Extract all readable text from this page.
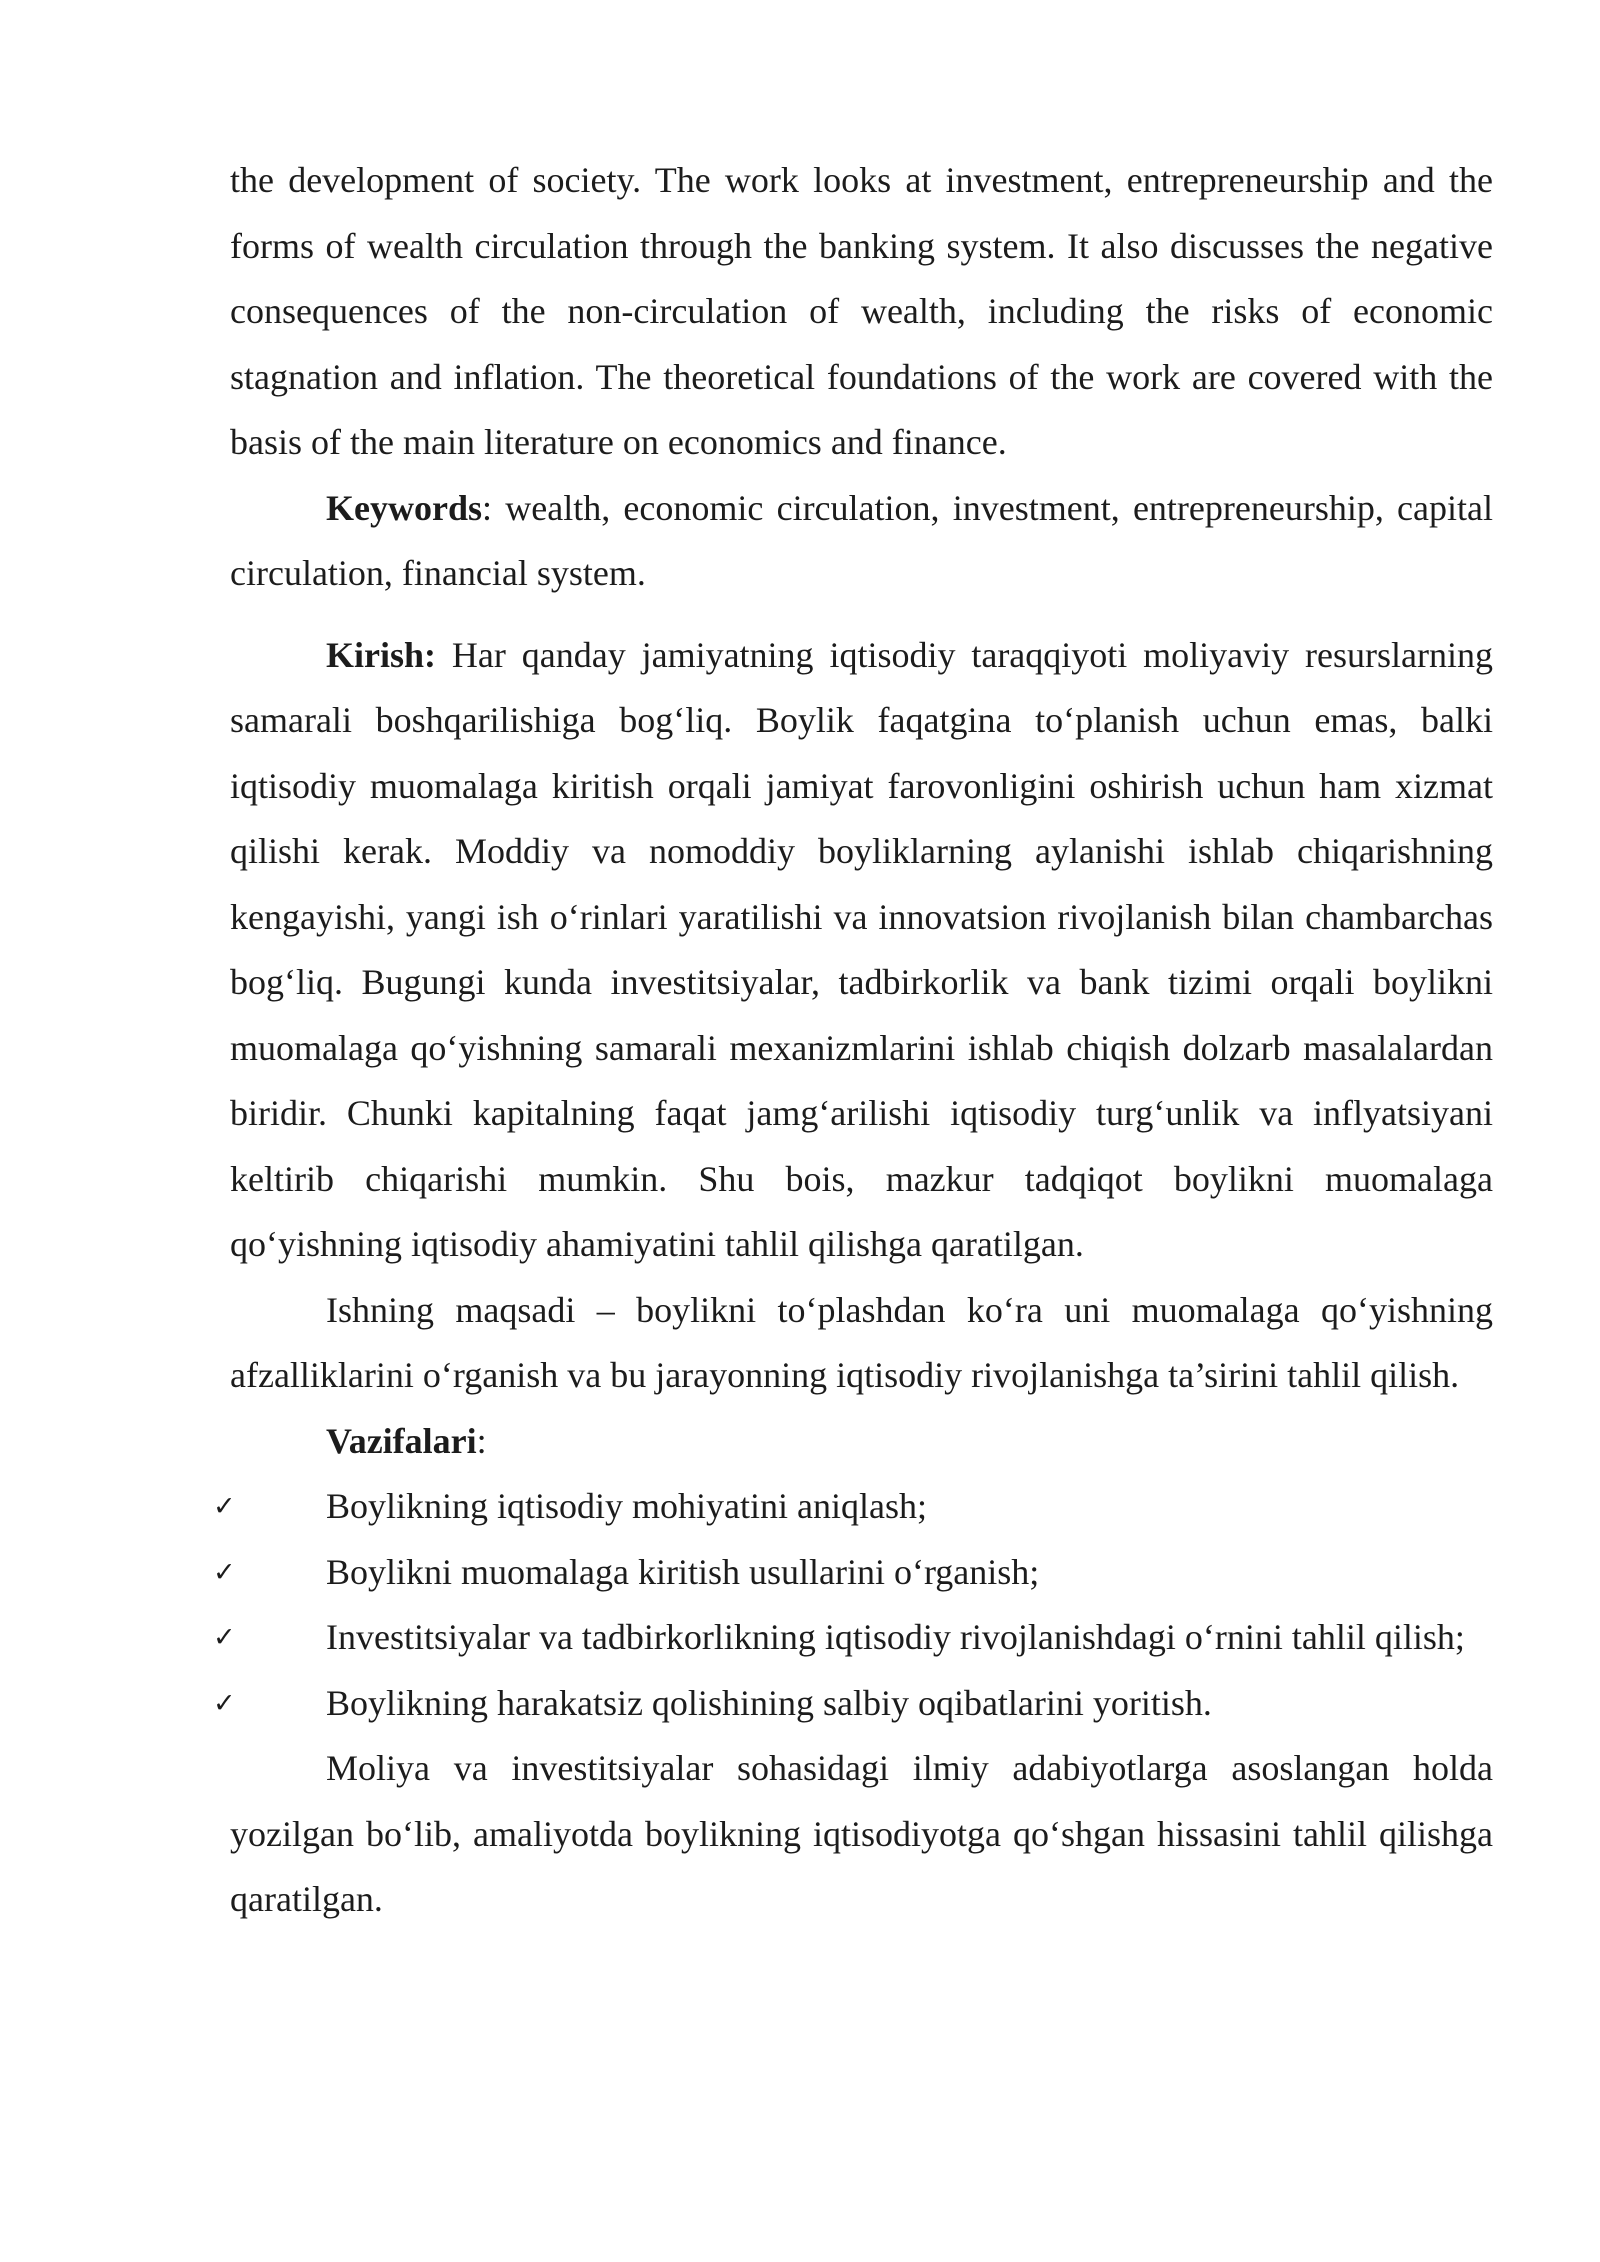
the development of society. The work looks at investment, entrepreneurship and the forms of wealth circulation through the banking system. It also discusses the negative consequences of the non-circulation of wealth, including the risks of economic stagnation and inflation. The theoretical foundations of the work are covered with the basis of the main literature on economics and finance.

Keywords: wealth, economic circulation, investment, entrepreneurship, capital circulation, financial system.

Kirish: Har qanday jamiyatning iqtisodiy taraqqiyoti moliyaviy resurslarning samarali boshqarilishiga bog‘liq. Boylik faqatgina to‘planish uchun emas, balki iqtisodiy muomalaga kiritish orqali jamiyat farovonligini oshirish uchun ham xizmat qilishi kerak. Moddiy va nomoddiy boyliklarning aylanishi ishlab chiqarishning kengayishi, yangi ish o‘rinlari yaratilishi va innovatsion rivojlanish bilan chambarchas bog‘liq. Bugungi kunda investitsiyalar, tadbirkorlik va bank tizimi orqali boylikni muomalaga qo‘yishning samarali mexanizmlarini ishlab chiqish dolzarb masalalardan biridir. Chunki kapitalning faqat jamg‘arilishi iqtisodiy turg‘unlik va inflyatsiyani keltirib chiqarishi mumkin. Shu bois, mazkur tadqiqot boylikni muomalaga qo‘yishning iqtisodiy ahamiyatini tahlil qilishga qaratilgan.

Ishning maqsadi – boylikni to‘plashdan ko‘ra uni muomalaga qo‘yishning afzalliklarini o‘rganish va bu jarayonning iqtisodiy rivojlanishga ta’sirini tahlil qilish.

Vazifalari:

✓	Boylikning iqtisodiy mohiyatini aniqlash;
✓	Boylikni muomalaga kiritish usullarini o‘rganish;
✓	Investitsiyalar va tadbirkorlikning iqtisodiy rivojlanishdagi o‘rnini tahlil qilish;
✓	Boylikning harakatsiz qolishining salbiy oqibatlarini yoritish.

Moliya va investitsiyalar sohasidagi ilmiy adabiyotlarga asoslangan holda yozilgan bo‘lib, amaliyotda boylikning iqtisodiyotga qo‘shgan hissasini tahlil qilishga qaratilgan.
